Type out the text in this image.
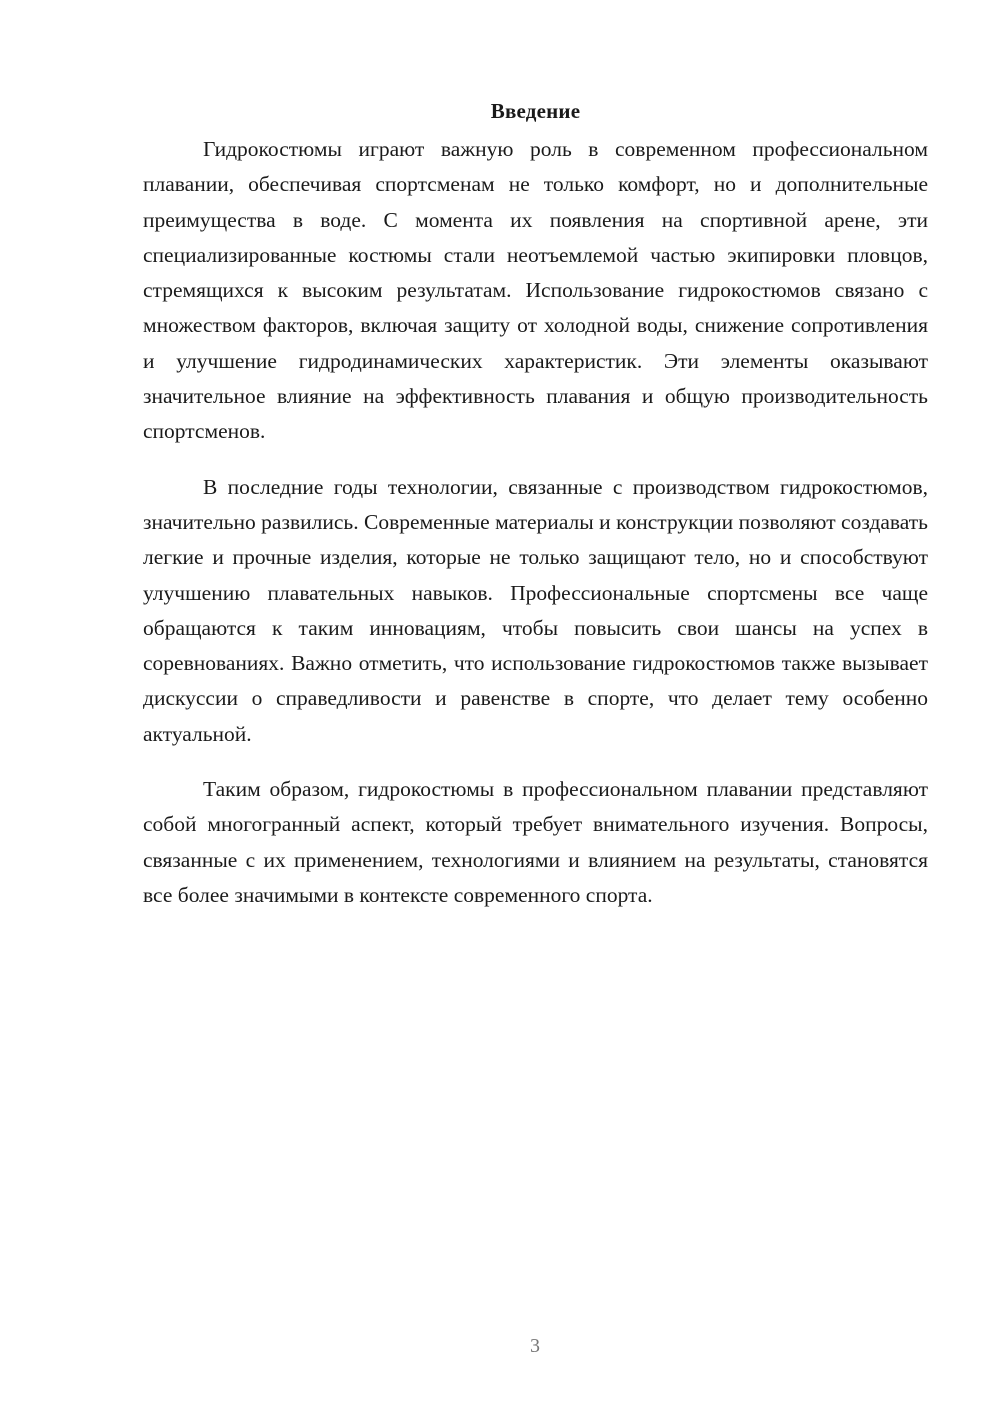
Введение

Гидрокостюмы играют важную роль в современном профессиональном плавании, обеспечивая спортсменам не только комфорт, но и дополнительные преимущества в воде. С момента их появления на спортивной арене, эти специализированные костюмы стали неотъемлемой частью экипировки пловцов, стремящихся к высоким результатам. Использование гидрокостюмов связано с множеством факторов, включая защиту от холодной воды, снижение сопротивления и улучшение гидродинамических характеристик. Эти элементы оказывают значительное влияние на эффективность плавания и общую производительность спортсменов.

В последние годы технологии, связанные с производством гидрокостюмов, значительно развились. Современные материалы и конструкции позволяют создавать легкие и прочные изделия, которые не только защищают тело, но и способствуют улучшению плавательных навыков. Профессиональные спортсмены все чаще обращаются к таким инновациям, чтобы повысить свои шансы на успех в соревнованиях. Важно отметить, что использование гидрокостюмов также вызывает дискуссии о справедливости и равенстве в спорте, что делает тему особенно актуальной.

Таким образом, гидрокостюмы в профессиональном плавании представляют собой многогранный аспект, который требует внимательного изучения. Вопросы, связанные с их применением, технологиями и влиянием на результаты, становятся все более значимыми в контексте современного спорта.

3
